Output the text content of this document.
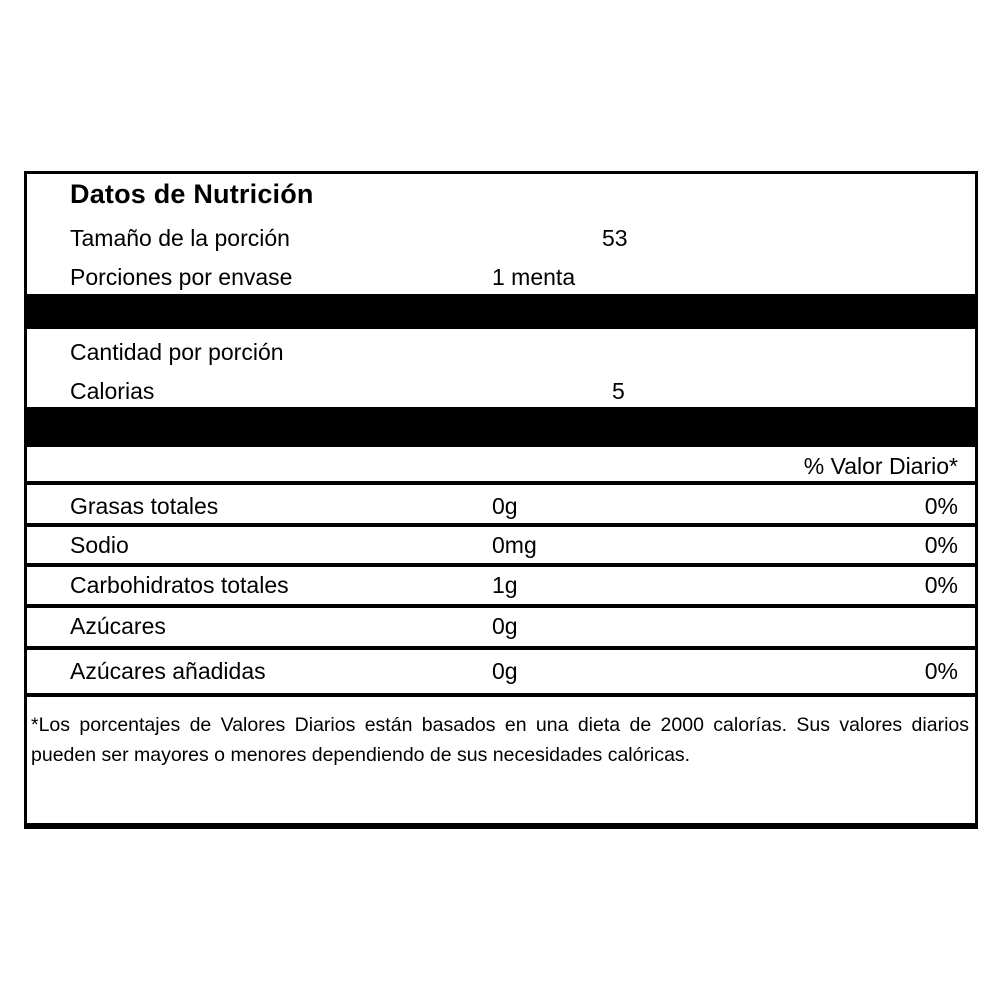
Datos de Nutrición
Tamaño de la porción	53
Porciones por envase	1 menta
Cantidad por porción
Calorias	5
% Valor Diario*
Grasas totales	0g	0%
Sodio	0mg	0%
Carbohidratos totales	1g	0%
Azúcares	0g
Azúcares añadidas	0g	0%
*Los porcentajes de Valores Diarios están basados en una dieta de 2000 calorías. Sus valores diarios pueden ser mayores o menores dependiendo de sus necesidades calóricas.
